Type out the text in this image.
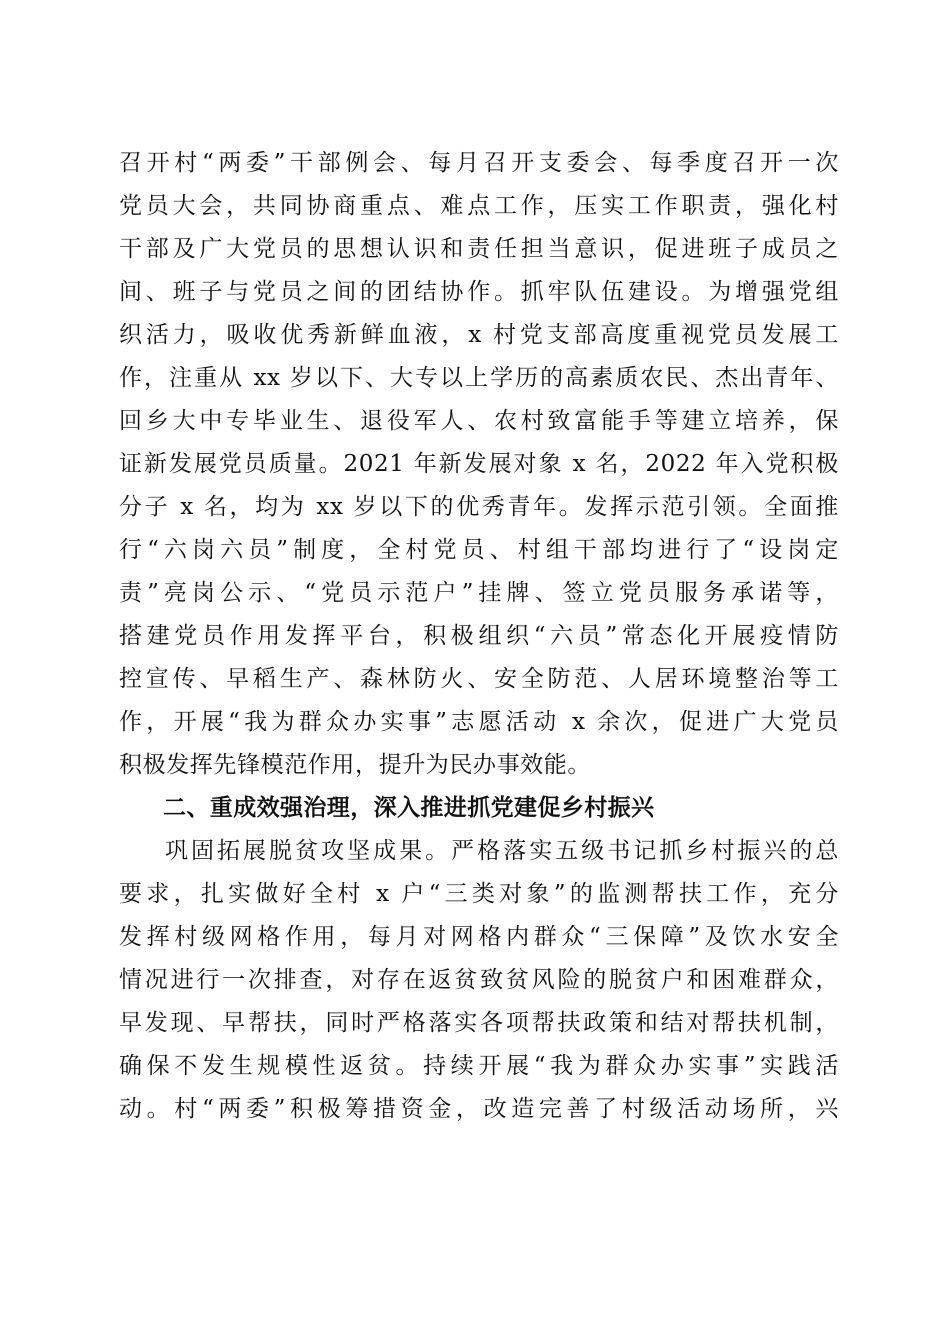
召开村“两委”干部例会、每月召开支委会、每季度召开一次
党员大会，共同协商重点、难点工作，压实工作职责，强化村
干部及广大党员的思想认识和责任担当意识，促进班子成员之
间、班子与党员之间的团结协作。抓牢队伍建设。为增强党组
织活力，吸收优秀新鲜血液，x 村党支部高度重视党员发展工
作，注重从 xx 岁以下、大专以上学历的高素质农民、杰出青年、
回乡大中专毕业生、退役军人、农村致富能手等建立培养，保
证新发展党员质量。2021 年新发展对象 x 名，2022 年入党积极
分子 x 名，均为 xx 岁以下的优秀青年。发挥示范引领。全面推
行“六岗六员”制度，全村党员、村组干部均进行了“设岗定
责”亮岗公示、“党员示范户”挂牌、签立党员服务承诺等，
搭建党员作用发挥平台，积极组织“六员”常态化开展疫情防
控宣传、早稻生产、森林防火、安全防范、人居环境整治等工
作，开展“我为群众办实事”志愿活动 x 余次，促进广大党员
积极发挥先锋模范作用，提升为民办事效能。
二、重成效强治理，深入推进抓党建促乡村振兴
巩固拓展脱贫攻坚成果。严格落实五级书记抓乡村振兴的总
要求，扎实做好全村 x 户“三类对象”的监测帮扶工作，充分
发挥村级网格作用，每月对网格内群众“三保障”及饮水安全
情况进行一次排查，对存在返贫致贫风险的脱贫户和困难群众，
早发现、早帮扶，同时严格落实各项帮扶政策和结对帮扶机制，
确保不发生规模性返贫。持续开展“我为群众办实事”实践活
动。村“两委”积极筹措资金，改造完善了村级活动场所，兴
